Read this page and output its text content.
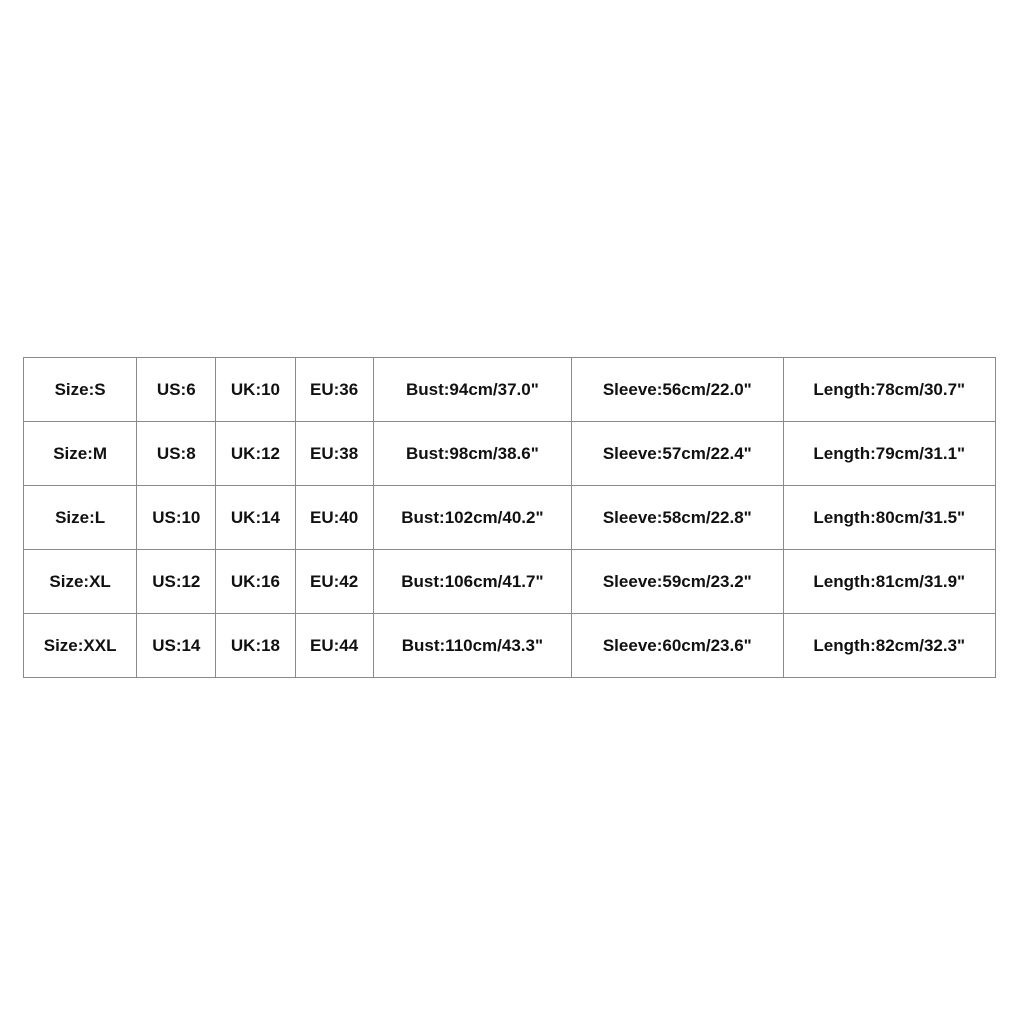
Size:S	US:6	UK:10	EU:36	Bust:94cm/37.0"	Sleeve:56cm/22.0"	Length:78cm/30.7"
Size:M	US:8	UK:12	EU:38	Bust:98cm/38.6"	Sleeve:57cm/22.4"	Length:79cm/31.1"
Size:L	US:10	UK:14	EU:40	Bust:102cm/40.2"	Sleeve:58cm/22.8"	Length:80cm/31.5"
Size:XL	US:12	UK:16	EU:42	Bust:106cm/41.7"	Sleeve:59cm/23.2"	Length:81cm/31.9"
Size:XXL	US:14	UK:18	EU:44	Bust:110cm/43.3"	Sleeve:60cm/23.6"	Length:82cm/32.3"
